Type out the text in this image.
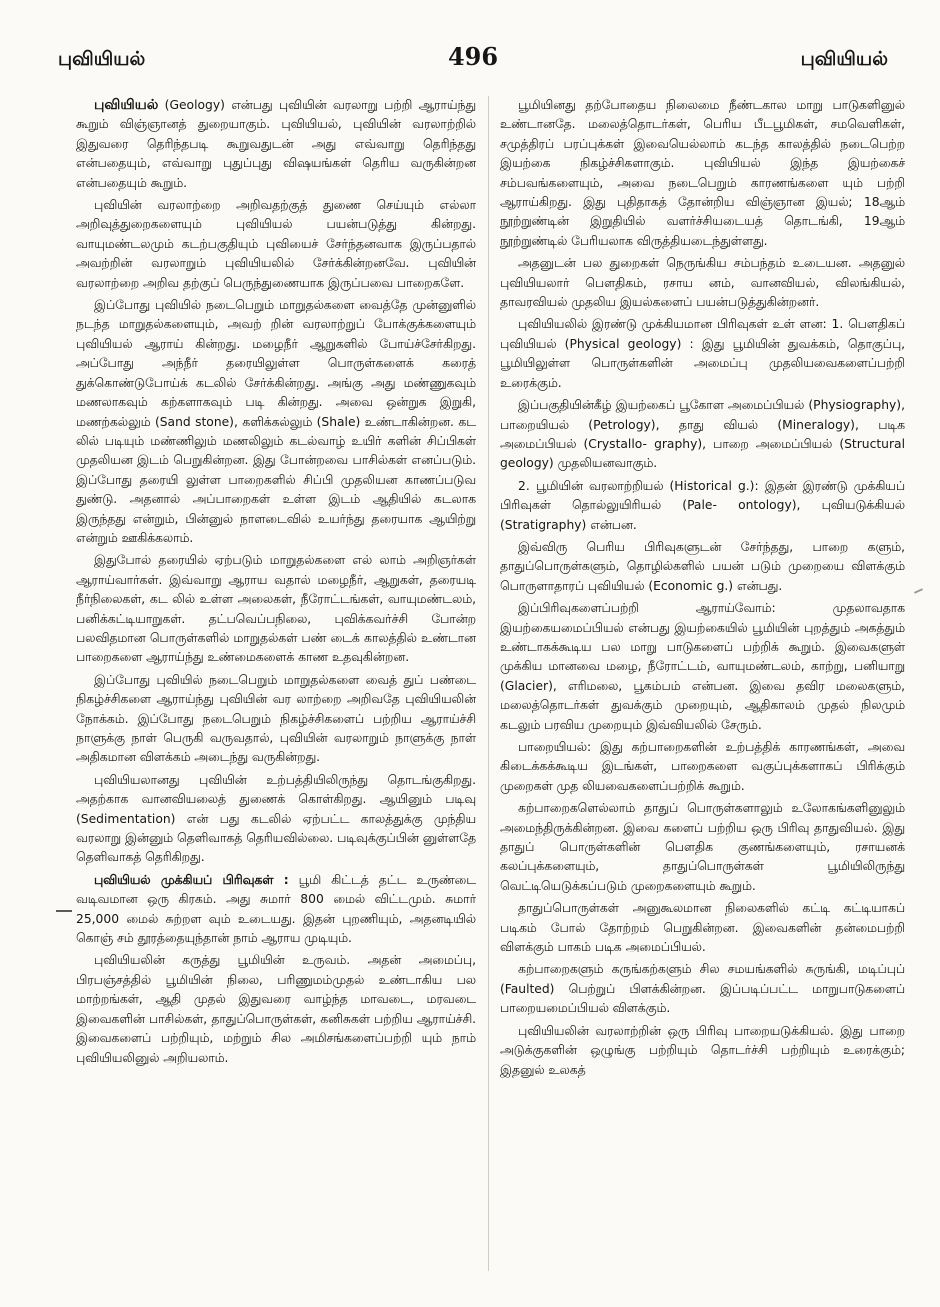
புவியியல்	496	புவியியல்

புவியியல் (Geology) என்பது புவியின் வரலாறு பற்றி ஆராய்ந்து கூறும் விஞ்ஞானத் துறையாகும். புவியியல், புவியின் வரலாற்றில் இதுவரை தெரிந்தபடி கூறுவதுடன் அது எவ்வாறு தெரிந்தது என்பதையும், எவ்வாறு புதுப்புது விஷயங்கள் தெரிய வருகின்றன என்பதையும் கூறும்.

புவியின் வரலாற்றை அறிவதற்குத் துணை செய்யும் எல்லா அறிவுத்துறைகளையும் புவியியல் பயன்படுத்து கின்றது. வாயுமண்டலமும் கடற்பகுதியும் புவியைச் சேர்ந்தனவாக இருப்பதால் அவற்றின் வரலாறும் புவியியலில் சேர்க்கின்றனவே. புவியின் வரலாற்றை அறிவ தற்குப் பெருந்துணையாக இருப்பவை பாறைகளே.

இப்போது புவியில் நடைபெறும் மாறுதல்களை வைத்தே முன்னுளில் நடந்த மாறுதல்களையும், அவற் றின் வரலாற்றுப் போக்குக்களையும் புவியியல் ஆராய் கின்றது. மழைநீர் ஆறுகளில் போய்ச்சேர்கிறது. அப்போது அந்நீர் தரையிலுள்ள பொருள்களைக் கரைத் துக்கொண்டுபோய்க் கடலில் சேர்க்கின்றது. அங்கு அது மண்ணுகவும் மணலாகவும் கற்களாகவும் படி கின்றது. அவை ஒன்றுக இறுகி, மணற்கல்லும் (Sand stone), களிக்கல்லும் (Shale) உண்டாகின்றன. கட லில் படியும் மண்ணிலும் மணலிலும் கடல்வாழ் உயிர் களின் சிப்பிகள் முதலியன இடம் பெறுகின்றன. இது போன்றவை பாசில்கள் எனப்படும். இப்போது தரையி லுள்ள பாறைகளில் சிப்பி முதலியன காணப்படுவ துண்டு. அதனால் அப்பாறைகள் உள்ள இடம் ஆதியில் கடலாக இருந்தது என்றும், பின்னுல் நாளடைவில் உயர்ந்து தரையாக ஆயிற்று என்றும் ஊகிக்கலாம்.

இதுபோல் தரையில் ஏற்படும் மாறுதல்களை எல் லாம் அறிஞர்கள் ஆராய்வார்கள். இவ்வாறு ஆராய வதால் மழைநீர், ஆறுகள், தரையடி நீர்நிலைகள், கட லில் உள்ள அலைகள், நீரோட்டங்கள், வாயுமண்டலம், பனிக்கட்டியாறுகள். தட்பவெப்பநிலை, புவிக்கவர்ச்சி போன்ற பலவிதமான பொருள்களில் மாறுதல்கள் பண் டைக் காலத்தில் உண்டான பாறைகளை ஆராய்ந்து உண்மைகளைக் காண உதவுகின்றன.

இப்போது புவியில் நடைபெறும் மாறுதல்களை வைத் துப் பண்டை நிகழ்ச்சிகளை ஆராய்ந்து புவியின் வர லாற்றை அறிவதே புவியியலின் நோக்கம். இப்போது நடைபெறும் நிகழ்ச்சிகளைப் பற்றிய ஆராய்ச்சி நாளுக்கு நாள் பெருகி வருவதால், புவியின் வரலாறும் நாளுக்கு நாள் அதிகமான விளக்கம் அடைந்து வருகின்றது.

புவியியலானது புவியின் உற்பத்தியிலிருந்து தொடங்குகிறது. அதற்காக வானவியலைத் துணைக் கொள்கிறது. ஆயினும் படிவு (Sedimentation) என் பது கடலில் ஏற்பட்ட காலத்துக்கு முந்திய வரலாறு இன்னும் தெளிவாகத் தெரியவில்லை. படிவுக்குப்பின் னுள்ளதே தெளிவாகத் தெரிகிறது.

புவியியல் முக்கியப் பிரிவுகள் : பூமி கிட்டத் தட்ட உருண்டை வடிவமான ஒரு கிரகம். அது சுமார் 800 மைல் விட்டமும். சுமார் 25,000 மைல் சுற்றள வும் உடையது. இதன் புறணியும், அதனடியில் கொஞ் சம் தூரத்தையுந்தான் நாம் ஆராய முடியும்.

புவியியலின் கருத்து பூமியின் உருவம். அதன் அமைப்பு, பிரபஞ்சத்தில் பூமியின் நிலை, பரிணுமம்முதல் உண்டாகிய பல மாற்றங்கள், ஆதி முதல் இதுவரை வாழ்ந்த மாவடை, மரவடை இவைகளின் பாசில்கள், தாதுப்பொருள்கள், கனிசுகள் பற்றிய ஆராய்ச்சி. இவைகளைப் பற்றியும், மற்றும் சில அமிசங்களைப்பற்றி யும் நாம் புவியியலினுல் அறியலாம்.

பூமியினது தற்போதைய நிலைமை நீண்டகால மாறு பாடுகளினுல் உண்டானதே. மலைத்தொடர்கள், பெரிய பீடபூமிகள், சமவெளிகள், சமுத்திரப் பரப்புக்கள் இவையெல்லாம் கடந்த காலத்தில் நடைபெற்ற இயற்கை நிகழ்ச்சிகளாகும். புவியியல் இந்த இயற்கைச் சம்பவங்களையும், அவை நடைபெறும் காரணங்களை யும் பற்றி ஆராய்கிறது. இது புதிதாகத் தோன்றிய விஞ்ஞான இயல்; 18ஆம் நூற்றுண்டின் இறுதியில் வளர்ச்சியடையத் தொடங்கி, 19ஆம் நூற்றுண்டில் பேரியலாக விருத்தியடைந்துள்ளது.

அதனுடன் பல துறைகள் நெருங்கிய சம்பந்தம் உடையன. அதனுல் புவியியலார் பௌதிகம், ரசாய னம், வானவியல், விலங்கியல், தாவரவியல் முதலிய இயல்களைப் பயன்படுத்துகின்றனர்.

புவியியலில் இரண்டு முக்கியமான பிரிவுகள் உள் ளன: 1. பௌதிகப் புவியியல் (Physical geology) : இது பூமியின் துவக்கம், தொகுப்பு, பூமியிலுள்ள பொருள்களின் அமைப்பு முதலியவைகளைப்பற்றி உரைக்கும்.

இப்பகுதியின்கீழ் இயற்கைப் பூகோள அமைப்பியல் (Physiography), பாறையியல் (Petrology), தாது வியல் (Mineralogy), படிக அமைப்பியல் (Crystallo- graphy), பாறை அமைப்பியல் (Structural geology) முதலியனவாகும்.

2. பூமியின் வரலாற்றியல் (Historical g.): இதன் இரண்டு முக்கியப் பிரிவுகள் தொல்லுயிரியல் (Pale- ontology), புவியடுக்கியல் (Stratigraphy) என்பன.

இவ்விரு பெரிய பிரிவுகளுடன் சேர்ந்தது, பாறை களும், தாதுப்பொருள்களும், தொழில்களில் பயன் படும் முறையை விளக்கும் பொருளாதாரப் புவியியல் (Economic g.) என்பது.

இப்பிரிவுகளைப்பற்றி ஆராய்வோம்: முதலாவதாக இயற்கையமைப்பியல் என்பது இயற்கையில் பூமியின் புறத்தும் அகத்தும் உண்டாகக்கூடிய பல மாறு பாடுகளைப் பற்றிக் கூறும். இவைகளுள் முக்கிய மானவை மழை, நீரோட்டம், வாயுமண்டலம், காற்று, பனியாறு (Glacier), எரிமலை, பூகம்பம் என்பன. இவை தவிர மலைகளும், மலைத்தொடர்கள் துவக்கும் முறையும், ஆதிகாலம் முதல் நிலமும் கடலும் பரவிய முறையும் இவ்வியலில் சேரும்.

பாறையியல்: இது கற்பாறைகளின் உற்பத்திக் காரணங்கள், அவை கிடைக்கக்கூடிய இடங்கள், பாறைகளை வகுப்புக்களாகப் பிரிக்கும் முறைகள் முத லியவைகளைப்பற்றிக் கூறும்.

கற்பாறைகளெல்லாம் தாதுப் பொருள்களாலும் உலோகங்களினுலும் அமைந்திருக்கின்றன. இவை களைப் பற்றிய ஒரு பிரிவு தாதுவியல். இது தாதுப் பொருள்களின் பௌதிக குணங்களையும், ரசாயனக் கலப்புக்களையும், தாதுப்பொருள்கள் பூமியிலிருந்து வெட்டியெடுக்கப்படும் முறைகளையும் கூறும்.

தாதுப்பொருள்கள் அனுகூலமான நிலைகளில் கட்டி கட்டியாகப் படிகம் போல் தோற்றம் பெறுகின்றன. இவைகளின் தன்மைபற்றி விளக்கும் பாகம் படிக அமைப்பியல்.

கற்பாறைகளும் கருங்கற்களும் சில சமயங்களில் சுருங்கி, மடிப்புப் (Faulted) பெற்றுப் பிளக்கின்றன. இப்படிப்பட்ட மாறுபாடுகளைப் பாறையமைப்பியல் விளக்கும்.

புவியியலின் வரலாற்றின் ஒரு பிரிவு பாறையடுக்கியல். இது பாறை அடுக்குகளின் ஒழுங்கு பற்றியும் தொடர்ச்சி பற்றியும் உரைக்கும்; இதனுல் உலகத்
